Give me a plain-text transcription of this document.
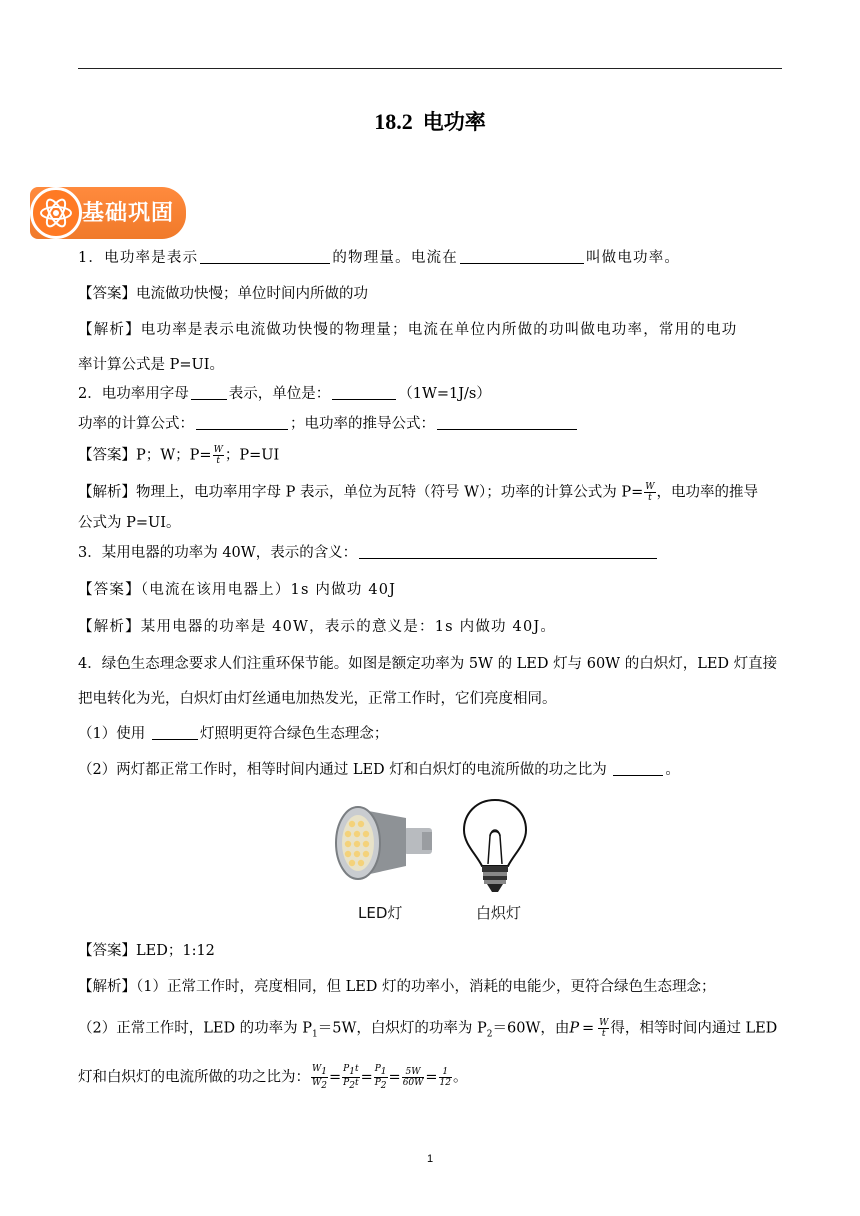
18.2 电功率
基础巩固
1．电功率是表示	的物理量。电流在	叫做电功率。
【答案】电流做功快慢；单位时间内所做的功
【解析】电功率是表示电流做功快慢的物理量；电流在单位内所做的功叫做电功率，常用的电功
率计算公式是 P=UI。
2．电功率用字母	表示，单位是：	（1W=1J/s）
功率的计算公式：	；电功率的推导公式：
【答案】P；W；$P= \frac{W}{t}$ ；P=UI
【解析】物理上，电功率用字母 P 表示，单位为瓦特（符号 W）；功率的计算公式为 $P= \frac{W}{t}$ ，电功率的推导
公式为 P=UI。
3．某用电器的功率为 40W，表示的含义：
【答案】（电流在该用电器上）1s 内做功 40J
【解析】某用电器的功率是 40W，表示的意义是：1s 内做功 40J。
4．绿色生态理念要求人们注重环保节能。如图是额定功率为 5W 的 LED 灯与 60W 的白炽灯，LED 灯直接
把电转化为光，白炽灯由灯丝通电加热发光，正常工作时，它们亮度相同。
（1）使用	灯照明更符合绿色生态理念；
（2）两灯都正常工作时，相等时间内通过 LED 灯和白炽灯的电流所做的功之比为	。
LED灯	白炽灯
【答案】LED；1:12
【解析】（1）正常工作时，亮度相同，但 LED 灯的功率小，消耗的电能少，更符合绿色生态理念；
（2）正常工作时，LED 的功率为 $P_1=5W$，白炽灯的功率为 $P_2=60W$，由$P = \frac{W}{t}$ 得，相等时间内通过 LED
灯和白炽灯的电流所做的功之比为： $\frac{W_1}{W_2} = \frac{P_1t}{P_2t} = \frac{P_1}{P_2} = \frac{5W}{60W} = \frac{1}{12}$ 。
1
